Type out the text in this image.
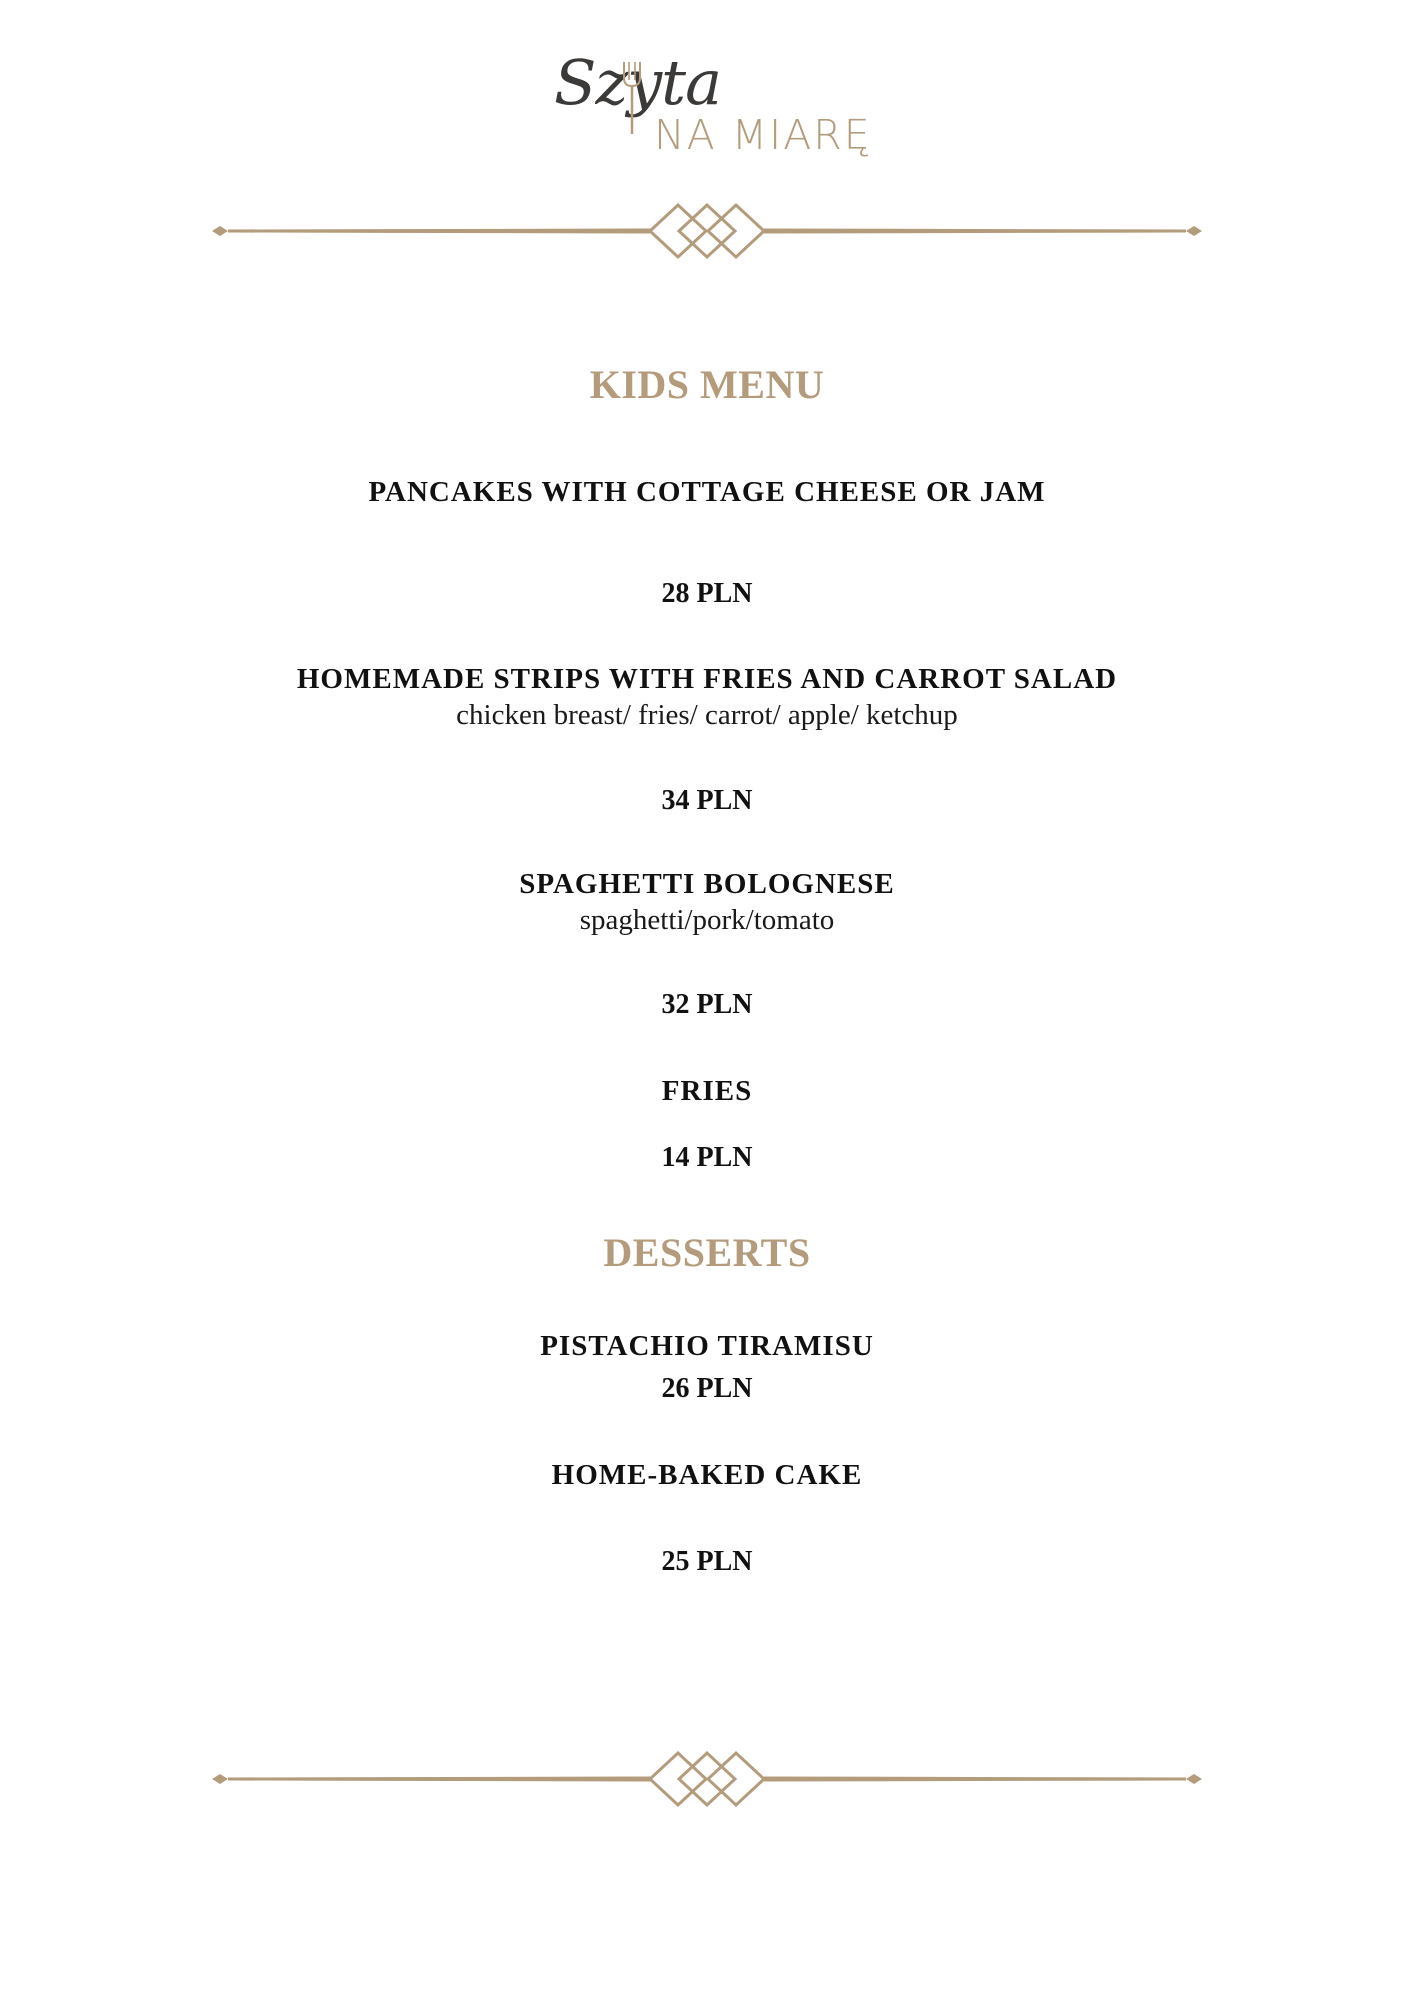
Szyta
NA MIARĘ
KIDS MENU
PANCAKES WITH COTTAGE CHEESE OR JAM
28 PLN
HOMEMADE STRIPS WITH FRIES AND CARROT SALAD
chicken breast/ fries/ carrot/ apple/ ketchup
34 PLN
SPAGHETTI BOLOGNESE
spaghetti/pork/tomato
32 PLN
FRIES
14 PLN
DESSERTS
PISTACHIO TIRAMISU
26 PLN
HOME-BAKED CAKE
25 PLN
